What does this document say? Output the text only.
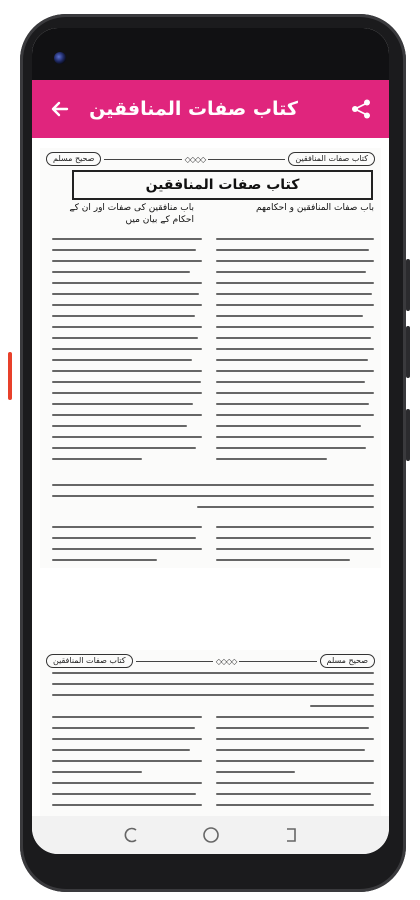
کتاب صفات المنافقین
صحیح مسلم	◇◇◇◇	کتاب صفات المنافقین
کتاب صفات المنافقین
باب منافقین کی صفات اور ان کے احکام کے بیان میں
باب صفات المنافقین و احکامهم
کتاب صفات المنافقین	◇◇◇◇	صحیح مسلم
